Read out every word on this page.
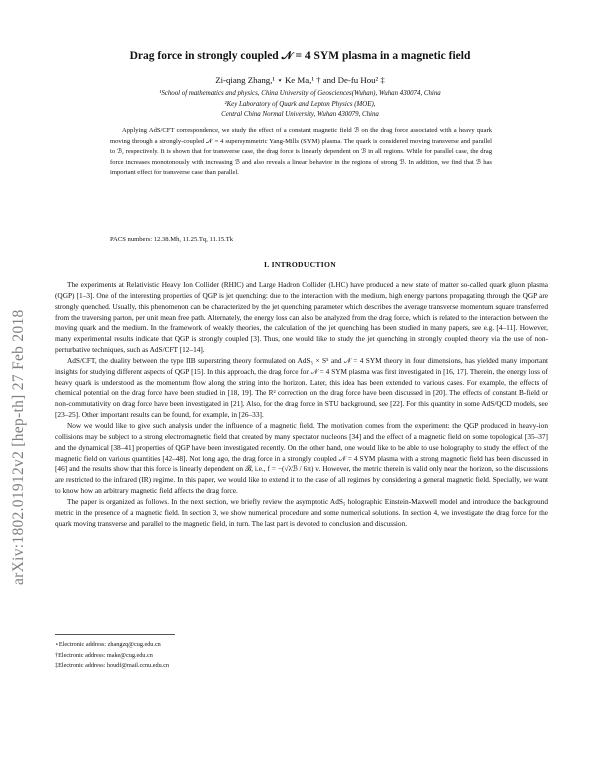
arXiv:1802.01912v2 [hep-th] 27 Feb 2018
Drag force in strongly coupled 𝒩 = 4 SYM plasma in a magnetic field
Zi-qiang Zhang,¹ ⋆ Ke Ma,¹ † and De-fu Hou² ‡
¹School of mathematics and physics, China University of Geosciences(Wuhan), Wuhan 430074, China
²Key Laboratory of Quark and Lepton Physics (MOE),
Central China Normal University, Wuhan 430079, China

Applying AdS/CFT correspondence, we study the effect of a constant magnetic field ℬ on the drag force associated with a heavy quark moving through a strongly-coupled 𝒩 = 4 supersymmetric Yang-Mills (SYM) plasma. The quark is considered moving transverse and parallel to ℬ, respectively. It is shown that for transverse case, the drag force is linearly dependent on ℬ in all regions. While for parallel case, the drag force increases monotonously with increasing ℬ and also reveals a linear behavior in the regions of strong ℬ. In addition, we find that ℬ has important effect for transverse case than parallel.

PACS numbers: 12.38.Mh, 11.25.Tq, 11.15.Tk
I. INTRODUCTION

The experiments at Relativistic Heavy Ion Collider (RHIC) and Large Hadron Collider (LHC) have produced a new state of matter so-called quark gluon plasma (QGP) [1–3]. One of the interesting properties of QGP is jet quenching: due to the interaction with the medium, high energy partons propagating through the QGP are strongly quenched. Usually, this phenomenon can be characterized by the jet quenching parameter which describes the average transverse momentum square transferred from the traversing parton, per unit mean free path. Alternately, the energy loss can also be analyzed from the drag force, which is related to the interaction between the moving quark and the medium. In the framework of weakly theories, the calculation of the jet quenching has been studied in many papers, see e.g. [4–11]. However, many experimental results indicate that QGP is strongly coupled [3]. Thus, one would like to study the jet quenching in strongly coupled theory via the use of non-perturbative techniques, such as AdS/CFT [12–14].

AdS/CFT, the duality between the type IIB superstring theory formulated on AdS₅ × S⁵ and 𝒩 = 4 SYM theory in four dimensions, has yielded many important insights for studying different aspects of QGP [15]. In this approach, the drag force for 𝒩 = 4 SYM plasma was first investigated in [16, 17]. Therein, the energy loss of heavy quark is understood as the momentum flow along the string into the horizon. Later, this idea has been extended to various cases. For example, the effects of chemical potential on the drag force have been studied in [18, 19]. The R² correction on the drag force have been discussed in [20]. The effects of constant B-field or non-commutativity on drag force have been investigated in [21]. Also, for the drag force in STU background, see [22]. For this quantity in some AdS/QCD models, see [23–25]. Other important results can be found, for example, in [26–33].

Now we would like to give such analysis under the influence of a magnetic field. The motivation comes from the experiment: the QGP produced in heavy-ion collisions may be subject to a strong electromagnetic field that created by many spectator nucleons [34] and the effect of a magnetic field on some topological [35–37] and the dynamical [38–41] properties of QGP have been investigated recently. On the other hand, one would like to be able to use holography to study the effect of the magnetic field on various quantities [42–48]. Not long ago, the drag force in a strongly coupled 𝒩 = 4 SYM plasma with a strong magnetic field has been discussed in [46] and the results show that this force is linearly dependent on ℬ, i.e., f = −(√λℬ / 6π) v. However, the metric therein is valid only near the horizon, so the discussions are restricted to the infrared (IR) regime. In this paper, we would like to extend it to the case of all regimes by considering a general magnetic field. Specially, we want to know how an arbitrary magnetic field affects the drag force.

The paper is organized as follows. In the next section, we briefly review the asymptotic AdS₅ holographic Einstein-Maxwell model and introduce the background metric in the presence of a magnetic field. In section 3, we show numerical procedure and some numerical solutions. In section 4, we investigate the drag force for the quark moving transverse and parallel to the magnetic field, in turn. The last part is devoted to conclusion and discussion.

⋆Electronic address: zhangzq@cug.edu.cn
†Electronic address: make@cug.edu.cn
‡Electronic address: houdf@mail.ccnu.edu.cn
